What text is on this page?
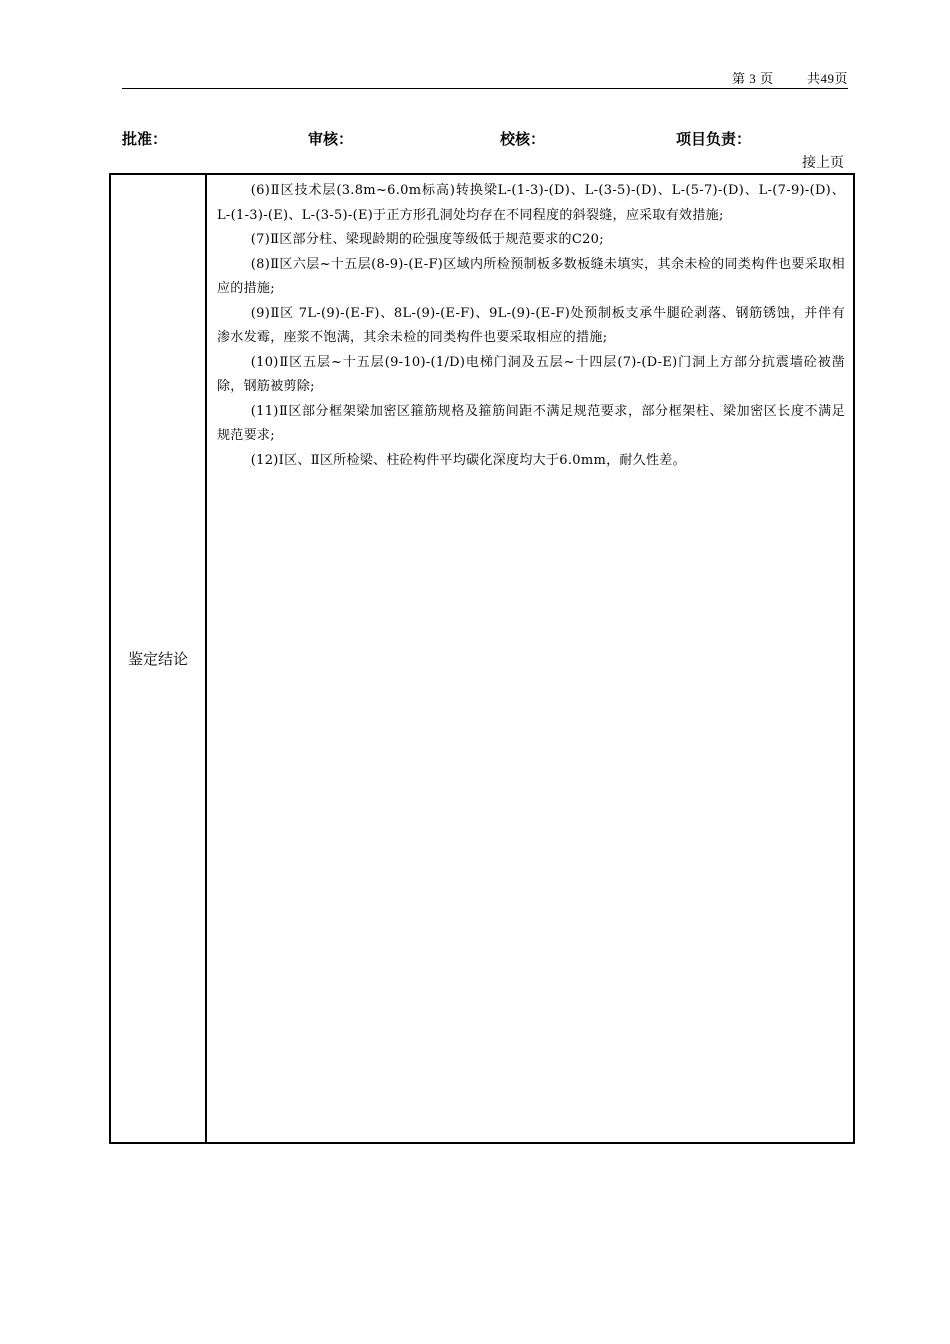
第 3 页	共49页
批准：	审核：	校核：	项目负责：
接上页
鉴定结论

(6)Ⅱ区技术层(3.8m~6.0m标高)转换梁L-(1-3)-(D)、L-(3-5)-(D)、L-(5-7)-(D)、L-(7-9)-(D)、L-(1-3)-(E)、L-(3-5)-(E)于正方形孔洞处均存在不同程度的斜裂缝，应采取有效措施;

(7)Ⅱ区部分柱、梁现龄期的砼强度等级低于规范要求的C20;

(8)Ⅱ区六层~十五层(8-9)-(E-F)区域内所检预制板多数板缝未填实，其余未检的同类构件也要采取相应的措施;

(9)Ⅱ区 7L-(9)-(E-F)、8L-(9)-(E-F)、9L-(9)-(E-F)处预制板支承牛腿砼剥落、钢筋锈蚀，并伴有渗水发霉，座浆不饱满，其余未检的同类构件也要采取相应的措施;

(10)Ⅱ区五层~十五层(9-10)-(1/D)电梯门洞及五层~十四层(7)-(D-E)门洞上方部分抗震墙砼被凿除，钢筋被剪除;

(11)Ⅱ区部分框架梁加密区箍筋规格及箍筋间距不满足规范要求，部分框架柱、梁加密区长度不满足规范要求;

(12)Ⅰ区、Ⅱ区所检梁、柱砼构件平均碳化深度均大于6.0mm，耐久性差。
